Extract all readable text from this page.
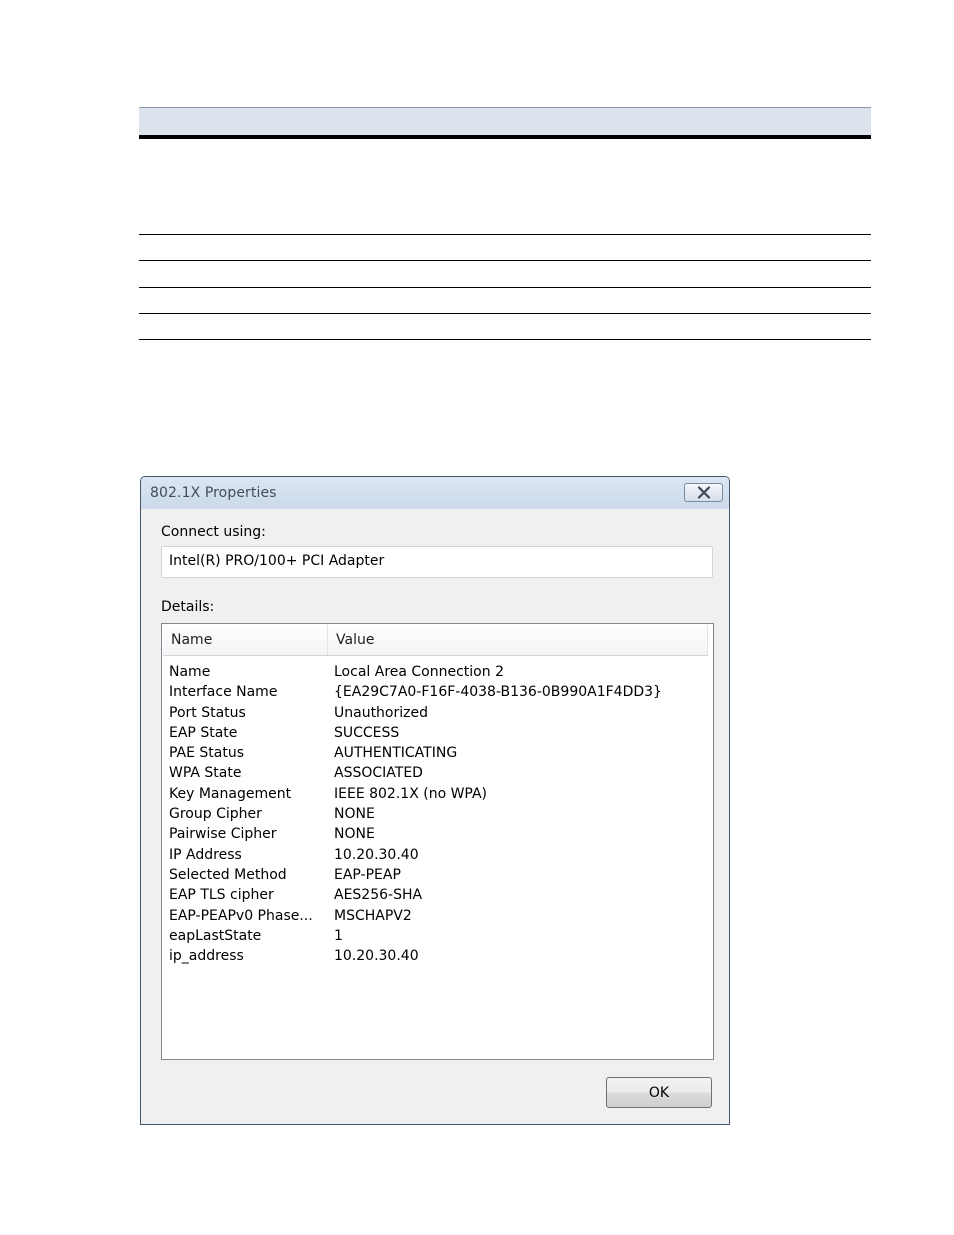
802.1X Properties
Connect using:
Intel(R) PRO/100+ PCI Adapter
Details:
Name	Value
Name	Local Area Connection 2
Interface Name	{EA29C7A0-F16F-4038-B136-0B990A1F4DD3}
Port Status	Unauthorized
EAP State	SUCCESS
PAE Status	AUTHENTICATING
WPA State	ASSOCIATED
Key Management	IEEE 802.1X (no WPA)
Group Cipher	NONE
Pairwise Cipher	NONE
IP Address	10.20.30.40
Selected Method	EAP-PEAP
EAP TLS cipher	AES256-SHA
EAP-PEAPv0 Phase...	MSCHAPV2
eapLastState	1
ip_address	10.20.30.40
OK
